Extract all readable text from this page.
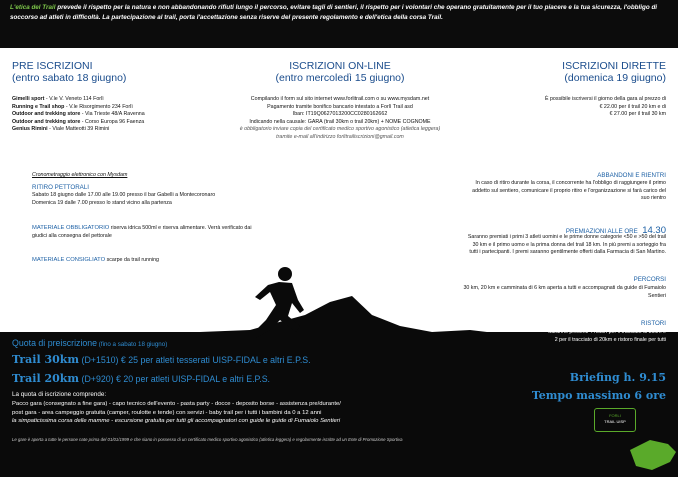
L'etica del Trail prevede il rispetto per la natura e non abbandonando rifiuti lungo il percorso, evitare tagli di sentieri, il rispetto per i volontari che operano gratuitamente per il tuo piacere e la tua sicurezza, l'obbligo di soccorso ad atleti in difficoltà. La partecipazione al trail, porta l'accettazione senza riserve del presente regolamento e dell'etica della corsa Trail.

PRE ISCRIZIONI
(entro sabato 18 giugno)
Gimelli sport - V.le V. Veneto 114 Forlì
Running e Trail shop - V.le Risorgimento 234 Forlì
Outdoor and trekking store - Via Trieste 48/A Ravenna
Outdoor and trekking store - Corso Europa 96 Faenza
Genius Rimini - Viale Matteotti 39 Rimini
ISCRIZIONI ON-LINE
(entro mercoledì 15 giugno)
Compilando il form sul sito internet www.forlitrail.com o su www.mysdam.net
Pagamento tramite bonifico bancario intestato a Forlì Trail asd
Iban: IT19Q0627013200CC0280162662
Indicando nella causale: GARA (trail 30km o trail 20km) + NOME COGNOME
è obbligatorio inviare copia del certificato medico sportivo agonistico (atletica leggera)
tramite e-mail all'indirizzo forlitrailiscrizioni@gmail.com
ISCRIZIONI DIRETTE
(domenica 19 giugno)
È possibile iscriversi il giorno della gara al prezzo di
€ 22.00 per il trail 20 km e di
€ 27.00 per il trail 30 km
Cronometraggio elettronico con Mysdam
RITIRO PETTORALI
Sabato 18 giugno dalle 17.00 alle 19.00 presso il bar Gabelli a Montecoronaro
Domenica 19 dalle 7.00 presso lo stand vicino alla partenza
MATERIALE OBBLIGATORIO riserva idrica 500ml e riserva alimentare. Verrà verificato dai
giudici alla consegna del pettorale
MATERIALE CONSIGLIATO scarpe da trail running
ABBANDONI E RIENTRI
In caso di ritiro durante la corsa, il concorrente ha l'obbligo di raggiungere il primo
addetto sul sentiero, comunicare il proprio ritiro e l'organizzazione si farà carico del
suo rientro
PREMIAZIONI ALLE ORE 14.30
Saranno premiati i primi 3 atleti uomini e le prime donne categorie <50 e >50 del trail
30 km e il primo uomo e la prima donna del trail 18 km. In più premi a sorteggio fra
tutti i partecipanti. I premi saranno gentilmente offerti dalla Farmacia di San Martino.
PERCORSI
30 km, 20 km e camminata di 6 km aperta a tutti e accompagnati da guide di Fumaiolo
Sentieri
RISTORI
Saranno presenti 4 ristori per il tracciato di 30km e
2 per il tracciato di 20km e ristoro finale per tutti
Quota di preiscrizione (fino a sabato 18 giugno)
Trail 30km (D+1510) € 25 per atleti tesserati UISP-FIDAL e altri E.P.S.
Trail 20km (D+920) € 20 per atleti UISP-FIDAL e altri E.P.S.
La quota di iscrizione comprende:
Pacco gara (consegnato a fine gara) - capo tecnico dell'evento - pasta party - docce - deposito borse - assistenza pre/durante/
post gara - area campeggio gratuita (camper, roulotte e tende) con servizi - baby trail per i tutti i bambini da 0 a 12 anni
la simpaticissima corsa delle mamme - escursione gratuita per tutti gli accompagnatori con guide le guide di Fumaiolo Sentieri
Le gare è aperta a tutte le persone nate prima del 01/01/1999 e che siano in possesso di un certificato medico sportivo agonistico (atletica leggera) e regolarmente iscritte ad un Ente di Promozione Sportiva
Briefing h. 9.15
Tempo massimo 6 ore
FORLI
TRAIL UISP
